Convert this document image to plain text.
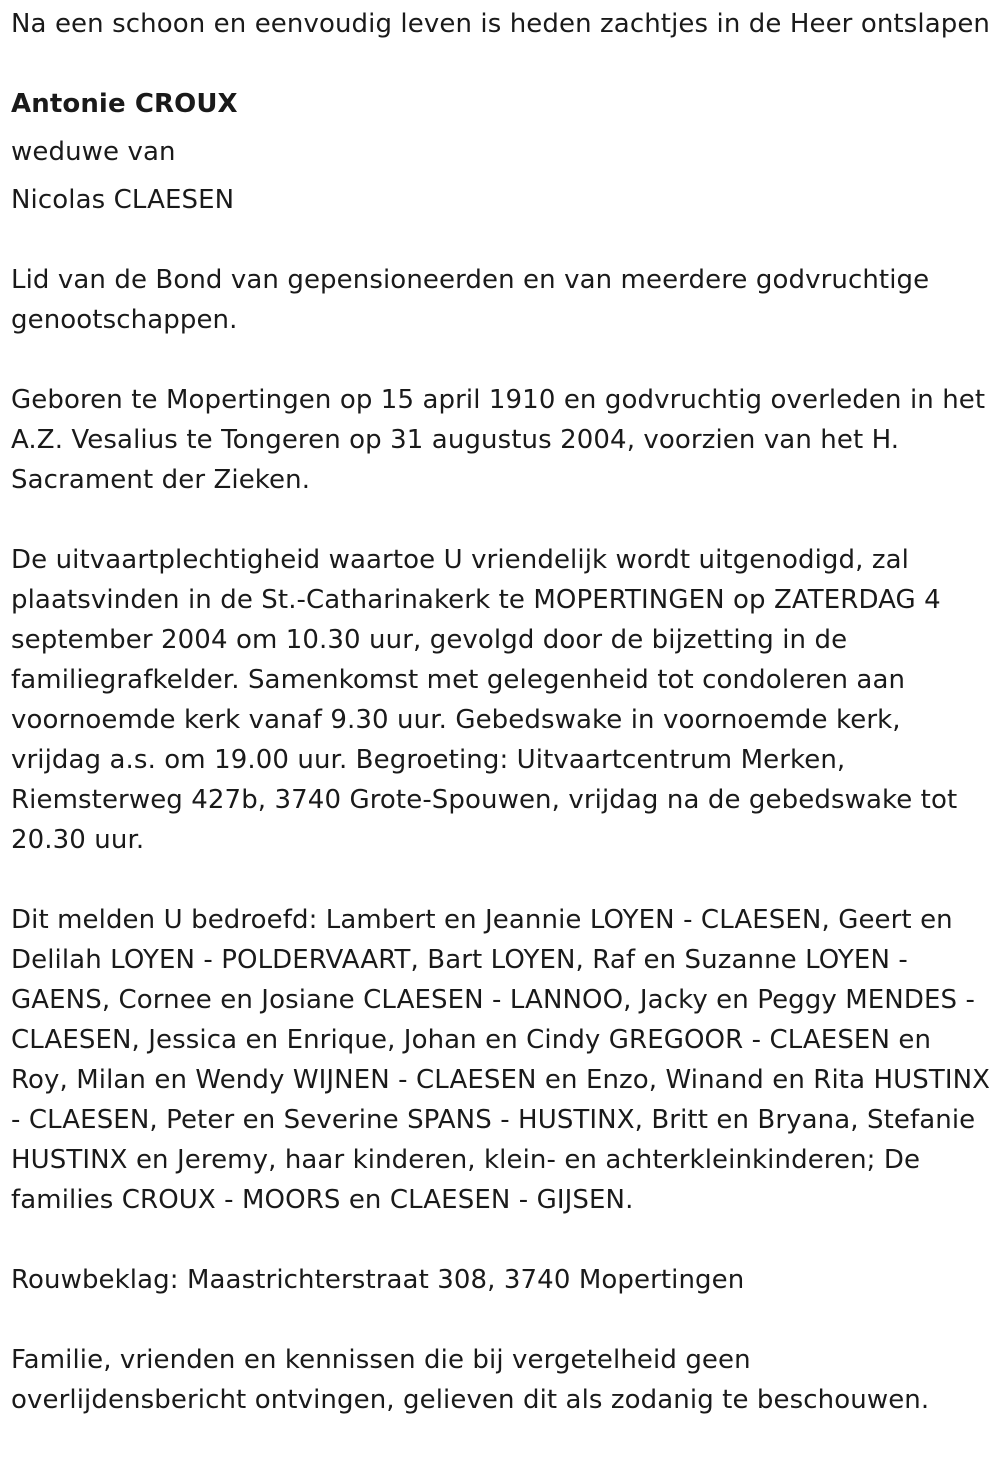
Na een schoon en eenvoudig leven is heden zachtjes in de Heer ontslapen

Antonie CROUX

weduwe van

Nicolas CLAESEN

Lid van de Bond van gepensioneerden en van meerdere godvruchtige genootschappen.

Geboren te Mopertingen op 15 april 1910 en godvruchtig overleden in het A.Z. Vesalius te Tongeren op 31 augustus 2004, voorzien van het H. Sacrament der Zieken.

De uitvaartplechtigheid waartoe U vriendelijk wordt uitgenodigd, zal plaatsvinden in de St.-Catharinakerk te MOPERTINGEN op ZATERDAG 4 september 2004 om 10.30 uur, gevolgd door de bijzetting in de familiegrafkelder. Samenkomst met gelegenheid tot condoleren aan voornoemde kerk vanaf 9.30 uur. Gebedswake in voornoemde kerk, vrijdag a.s. om 19.00 uur. Begroeting: Uitvaartcentrum Merken, Riemsterweg 427b, 3740 Grote-Spouwen, vrijdag na de gebedswake tot 20.30 uur.

Dit melden U bedroefd: Lambert en Jeannie LOYEN - CLAESEN, Geert en Delilah LOYEN - POLDERVAART, Bart LOYEN, Raf en Suzanne LOYEN - GAENS, Cornee en Josiane CLAESEN - LANNOO, Jacky en Peggy MENDES - CLAESEN, Jessica en Enrique, Johan en Cindy GREGOOR - CLAESEN en Roy, Milan en Wendy WIJNEN - CLAESEN en Enzo, Winand en Rita HUSTINX - CLAESEN, Peter en Severine SPANS - HUSTINX, Britt en Bryana, Stefanie HUSTINX en Jeremy, haar kinderen, klein- en achterkleinkinderen; De families CROUX - MOORS en CLAESEN - GIJSEN.

Rouwbeklag: Maastrichterstraat 308, 3740 Mopertingen

Familie, vrienden en kennissen die bij vergetelheid geen overlijdensbericht ontvingen, gelieven dit als zodanig te beschouwen.
